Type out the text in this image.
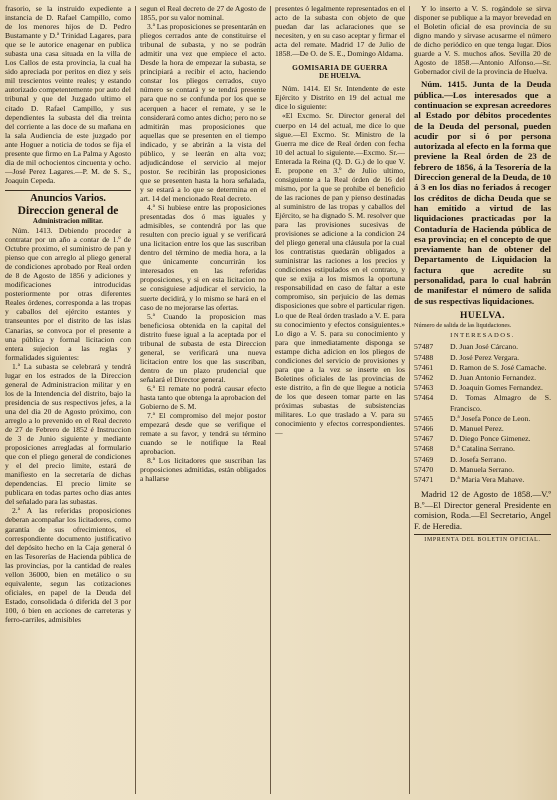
frasorio, se la instruido expediente a instancia de D. Rafael Campillo, como de los menores hijos de D. Pedro Bustamante y D.ª Trinidad Lagares, para que se le autorice enagenar en publica subasta una casa situada en la villa de Los Callos de esta provincia, la cual ha sido apreciada por peritos en diez y seis mil trescientos veinte reales; y estando autorizado competentemente por auto del tribunal y que del Juzgado ultimo el citado D. Rafael Campillo, y sus dependientes la subasta del dia treinta del corriente a las doce de su mañana en la sala Audiencia de este juzgado por ante Hoguer a noticia de todos se fija el presente que firmo en La Palma y Agosto dia de mil ochocientos cincuenta y ocho. —José Perez Lagares.—P. M. de S. S., Joaquin Cepeda.

Anuncios Varios.

Direccion general de

Administracion militar.

Núm. 1413. Debiendo proceder a contratar por un año a contar de 1.º de Octubre proximo, el suministro de pan y pienso que con arreglo al pliego general de condiciones aprobado por Real orden de 8 de Agosto de 1856 y adiciones y modificaciones introducidas posteriormente por otras diferentes Reales órdenes, corresponda a las tropas y caballos del ejército estantes y transeuntes por el distrito de las islas Canarias, se convoca por el presente a una pública y formal licitacion con entera sujecion a las reglas y formalidades siguientes:

1.ª La subasta se celebrará y tendrá lugar en los estrados de la Direccion general de Administracion militar y en los de la Intendencia del distrito, bajo la presidencia de sus respectivos jefes, a la una del dia 20 de Agosto próximo, con arreglo a lo prevenido en el Real decreto de 27 de Febrero de 1852 é Instruccion de 3 de Junio siguiente y mediante proposiciones arregladas al formulario que con el pliego general de condiciones y el del precio limite, estará de manifiesto en la secretaría de dichas dependencias. El precio limite se publicara en todas partes ocho dias antes del señalado para las subastas.

2.ª A las referidas proposiciones deberan acompañar los licitadores, como garantía de sus ofrecimientos, el correspondiente documento justificativo del depósito hecho en la Caja general ó en las Tesorerías de Hacienda pública de las provincias, por la cantidad de reales vellon 36000, bien en metálico o su equivalente, segun las cotizaciones oficiales, en papel de la Deuda del Estado, consolidada ó diferida del 3 por 100, ó bien en acciones de carreteras y ferro-carriles, admisibles

segun el Real decreto de 27 de Agosto de 1855, por su valor nominal.

3.ª Las proposiciones se presentarán en pliegos cerrados ante de constituirse el tribunal de subasta, y no se podrán admitir una vez que empiece el acto. Desde la hora de empezar la subasta, se principiará a recibir el acto, haciendo constar los pliegos cerrados, cuyo número se contará y se tendrá presente para que no se confunda por los que se acerquen a hacer el remate, y se le considerará como antes dicho; pero no se admitirán mas proposiciones que aquellas que se presenten en el tiempo indicado, y se abrirán a la vista del público, y se leerán en alta voz; adjudicándose el servicio al mejor postor. Se recibirán las proposiciones que se presenten hasta la hora señalada, y se estará a lo que se determina en el art. 14 del mencionado Real decreto.

4.ª Si hubiese entre las proposiciones presentadas dos ó mas iguales y admisibles, se contendrá por las que resulten con precio igual y se verificará una licitacion entre los que las suscriban dentro del término de media hora, a la que únicamente concurrirán los interesados en las referidas proposiciones, y si en esta licitacion no se consiguiese adjudicar el servicio, la suerte decidirá, y lo mismo se hará en el caso de no mejorarse las ofertas.

5.ª Cuando la proposicion mas beneficiosa obtenida en la capital del distrito fuese igual a la aceptada por el tribunal de subasta de esta Direccion general, se verificará una nueva licitacion entre los que las suscriban, dentro de un plazo prudencial que señalará el Director general.

6.ª El remate no podrá causar efecto hasta tanto que obtenga la aprobacion del Gobierno de S. M.

7.ª El compromiso del mejor postor empezará desde que se verifique el remate a su favor, y tendrá su término cuando se le notifique la Real aprobacion.

8.ª Los licitadores que suscriban las proposiciones admitidas, están obligados a hallarse

presentes ó legalmente representados en el acto de la subasta con objeto de que puedan dar las aclaraciones que se necesiten, y en su caso aceptar y firmar el acta del remate. Madrid 17 de Julio de 1858.—De O. de S. E., Domingo Aldama.

GOMISARIA DE GUERRA

DE HUELVA.

Núm. 1414. El Sr. Intendente de este Ejército y Distrito en 19 del actual me dice lo siguiente:

«El Excmo. Sr. Director general del cuerpo en 14 del actual, me dice lo que sigue.—El Excmo. Sr. Ministro de la Guerra me dice de Real órden con fecha 10 del actual lo siguiente.—Excmo. Sr.—Enterada la Reina (Q. D. G.) de lo que V. E. propone en 3.º de Julio ultimo, consiguiente a la Real órden de 16 del mismo, por la que se prohibe el beneficio de las raciones de pan y pienso destinadas al suministro de las tropas y caballos del Ejército, se ha dignado S. M. resolver que para las provisiones sucesivas de provisiones se adicione a la condicion 24 del pliego general una cláusula por la cual los contratistas quedarán obligados a suministrar las raciones a los precios y condiciones estipulados en el contrato, y que se exija a los mismos la oportuna responsabilidad en caso de faltar a este compromiso, sin perjuicio de las demas disposiciones que sobre el particular rigen. Lo que de Real órden traslado a V. E. para su conocimiento y efectos consiguientes.» Lo digo a V. S. para su conocimiento y para que inmediatamente disponga se estampe dicha adicion en los pliegos de condiciones del servicio de provisiones y para que a la vez se inserte en los Boletines oficiales de las provincias de este distrito, a fin de que llegue a noticia de los que deseen tomar parte en las próximas subastas de subsistencias militares. Lo que traslado a V. para su conocimiento y efectos correspondientes.—

Y lo inserto a V. S. rogándole se sirva disponer se publique a la mayor brevedad en el Boletin oficial de esa provincia de su digno mando y sírvase acusarme el número de dicho periódico en que tenga lugar. Dios guarde a V. S. muchos años. Sevilla 20 de Agosto de 1858.—Antonio Alfonso.—Sr. Gobernador civil de la provincia de Huelva.

Núm. 1415. Junta de la Deuda pública.—Los interesados que a continuacion se expresan acreedores al Estado por débitos procedentes de la Deuda del personal, pueden acudir por si ó por persona autorizada al efecto en la forma que previene la Real órden de 23 de febrero de 1856, á la Tesorería de la Direccion general de la Deuda, de 10 á 3 en los dias no feriados á recoger los créditos de dicha Deuda que se han emitido a virtud de las liquidaciones practicadas por la Contaduría de Hacienda pública de esa provincia; en el concepto de que previamente han de obtener del Departamento de Liquidacion la factura que acredite su personalidad, para lo cual habrán de manifestar el número de salida de sus respectivas liquidaciones.

HUELVA.

Número de salida de las liquidaciones.

INTERESADOS.
57487	D. Juan José Cárcano.
57488	D. José Perez Vergara.
57461	D. Ramon de S. José Camache.
57462	D. Juan Antonio Fernandez.
57463	D. Joaquin Gomes Fernandez.
57464	D. Tomas Almagro de S. Francisco.
57465	D.ª Josefa Ponce de Leon.
57466	D. Manuel Perez.
57467	D. Diego Ponce Gimenez.
57468	D.ª Catalina Serrano.
57469	D. Josefa Serrano.
57470	D. Manuela Serrano.
57471	D.ª Maria Vera Mahave.

Madrid 12 de Agosto de 1858.—V.º B.º—El Director general Presidente en comision, Roda.—El Secretario, Angel F. de Heredia.

IMPRENTA DEL BOLETIN OFICIAL.
